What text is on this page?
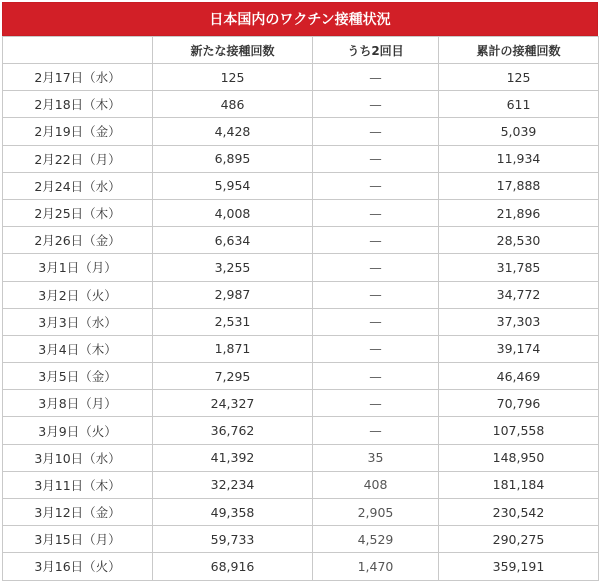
日本国内のワクチン接種状況
	新たな接種回数	うち2回目	累計の接種回数
2月17日（水）	125	—	125
2月18日（木）	486	—	611
2月19日（金）	4,428	—	5,039
2月22日（月）	6,895	—	11,934
2月24日（水）	5,954	—	17,888
2月25日（木）	4,008	—	21,896
2月26日（金）	6,634	—	28,530
3月1日（月）	3,255	—	31,785
3月2日（火）	2,987	—	34,772
3月3日（水）	2,531	—	37,303
3月4日（木）	1,871	—	39,174
3月5日（金）	7,295	—	46,469
3月8日（月）	24,327	—	70,796
3月9日（火）	36,762	—	107,558
3月10日（水）	41,392	35	148,950
3月11日（木）	32,234	408	181,184
3月12日（金）	49,358	2,905	230,542
3月15日（月）	59,733	4,529	290,275
3月16日（火）	68,916	1,470	359,191
